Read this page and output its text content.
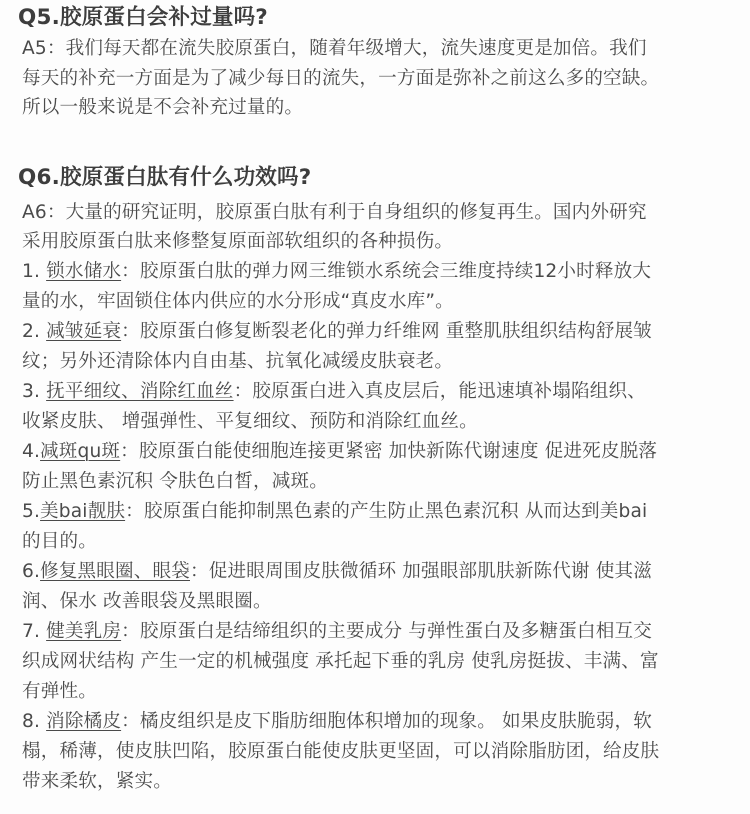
Q5.胶原蛋白会补过量吗?
A5：我们每天都在流失胶原蛋白，随着年级增大，流失速度更是加倍。我们
每天的补充一方面是为了减少每日的流失，一方面是弥补之前这么多的空缺。
所以一般来说是不会补充过量的。
Q6.胶原蛋白肽有什么功效吗?
A6：大量的研究证明，胶原蛋白肽有利于自身组织的修复再生。国内外研究
采用胶原蛋白肽来修整复原面部软组织的各种损伤。
1. 锁水储水：胶原蛋白肽的弹力网三维锁水系统会三维度持续12小时释放大
量的水，牢固锁住体内供应的水分形成“真皮水库”。
2. 减皱延衰：胶原蛋白修复断裂老化的弹力纤维网 重整肌肤组织结构舒展皱
纹；另外还清除体内自由基、抗氧化减缓皮肤衰老。
3. 抚平细纹、消除红血丝：胶原蛋白进入真皮层后，能迅速填补塌陷组织、
收紧皮肤、 增强弹性、平复细纹、预防和消除红血丝。
4.减斑qu斑：胶原蛋白能使细胞连接更紧密 加快新陈代谢速度 促进死皮脱落
防止黑色素沉积 令肤色白皙，减斑。
5.美bai靓肤：胶原蛋白能抑制黑色素的产生防止黑色素沉积 从而达到美bai
的目的。
6.修复黑眼圈、眼袋：促进眼周围皮肤微循环 加强眼部肌肤新陈代谢 使其滋
润、保水 改善眼袋及黑眼圈。
7. 健美乳房：胶原蛋白是结缔组织的主要成分 与弹性蛋白及多糖蛋白相互交
织成网状结构 产生一定的机械强度 承托起下垂的乳房 使乳房挺拔、丰满、富
有弹性。
8. 消除橘皮：橘皮组织是皮下脂肪细胞体积增加的现象。 如果皮肤脆弱，软
榻，稀薄，使皮肤凹陷，胶原蛋白能使皮肤更坚固，可以消除脂肪团，给皮肤
带来柔软，紧实。
